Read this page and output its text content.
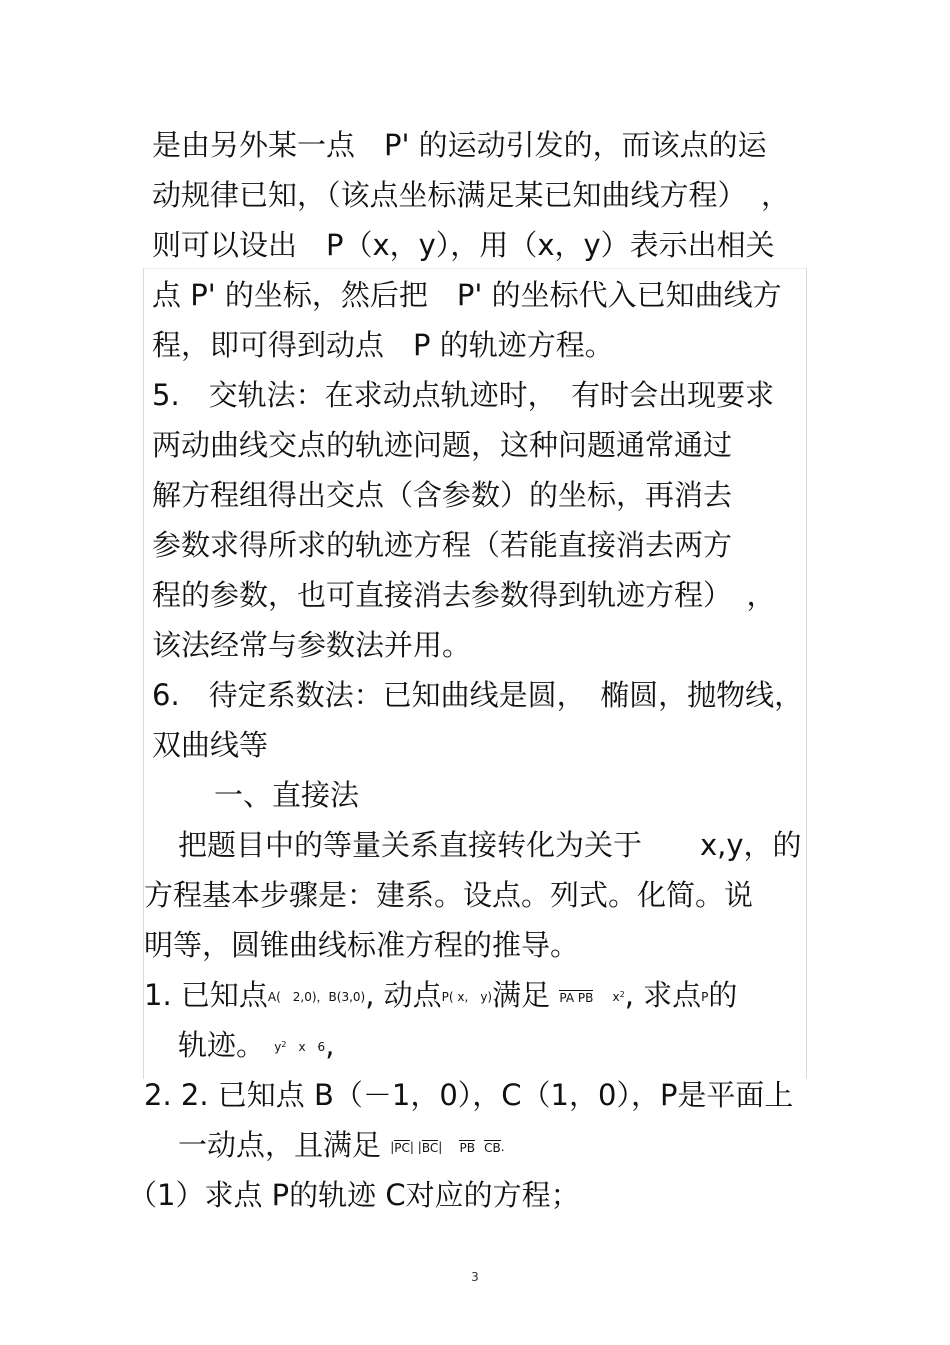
是由另外某一点　P' 的运动引发的，而该点的运
动规律已知，（该点坐标满足某已知曲线方程）　，
则可以设出　P（x，y），用（x，y）表示出相关
点 P' 的坐标，然后把　P' 的坐标代入已知曲线方
程，即可得到动点　P 的轨迹方程。
5.　交轨法：在求动点轨迹时，　有时会出现要求
两动曲线交点的轨迹问题，这种问题通常通过
解方程组得出交点（含参数）的坐标，再消去
参数求得所求的轨迹方程（若能直接消去两方
程的参数，也可直接消去参数得到轨迹方程）　，
该法经常与参数法并用。
6.　待定系数法：已知曲线是圆，　椭圆，抛物线，
双曲线等
一、直接法
把题目中的等量关系直接转化为关于　　x,y，的
方程基本步骤是：建系。设点。列式。化简。说
明等，圆锥曲线标准方程的推导。
1. 已知点A(　2,0)，B(3,0), 动点P( x,　y)满足 PA PB $x^2$, 求点P的
轨迹。 $y^2$　x　6,
2. 2. 已知点 B（－1，0），C（1，0），P是平面上
一动点，且满足 |PC| |BC| PB CB.
（1）求点 P的轨迹 C对应的方程；
3
